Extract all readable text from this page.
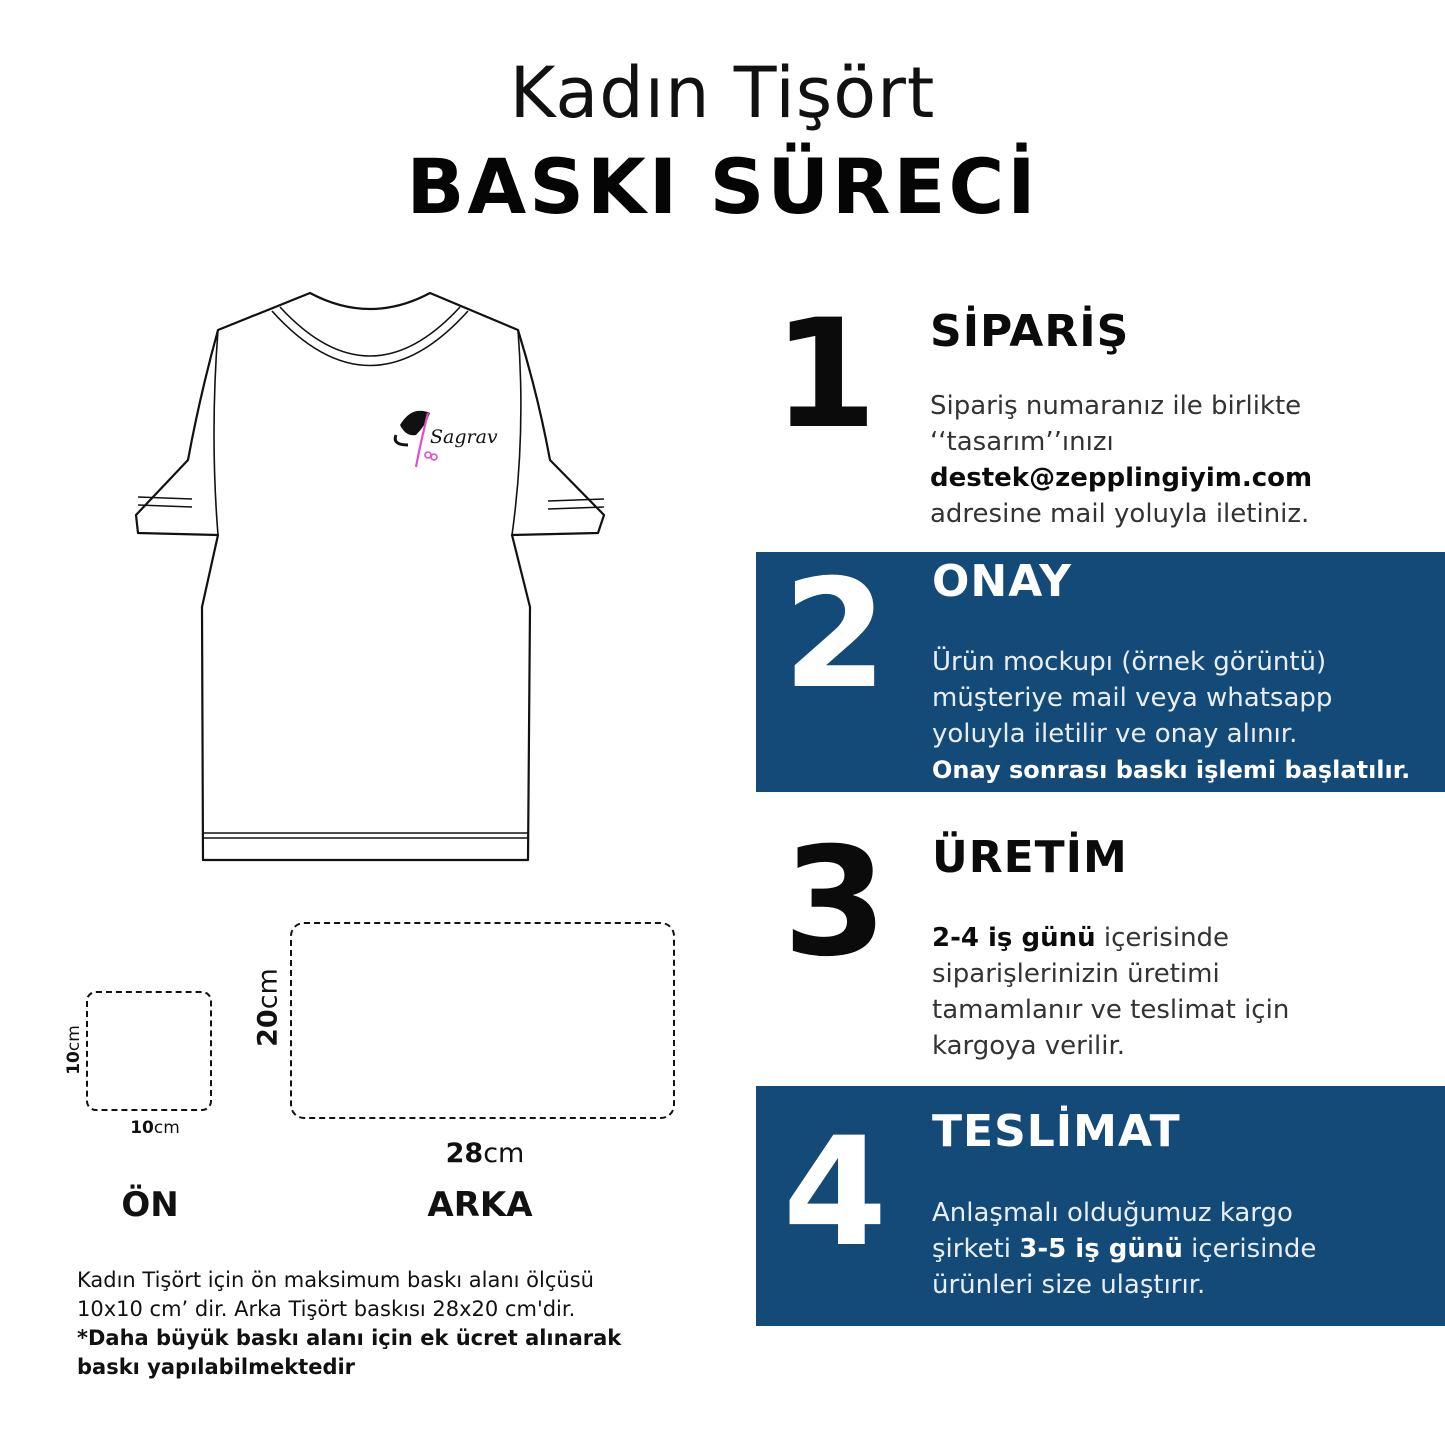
Kadın Tişört
BASKI SÜRECİ
Sagrav
10cm
10cm
ÖN
20cm
28cm
ARKA
Kadın Tişört için ön maksimum baskı alanı ölçüsü
10x10 cm’ dir. Arka Tişört baskısı 28x20 cm'dir.
*Daha büyük baskı alanı için ek ücret alınarak
baskı yapılabilmektedir
1 SİPARİŞ
Sipariş numaranız ile birlikte
‘‘tasarım’’ınızı
destek@zepplingiyim.com
adresine mail yoluyla iletiniz.
2 ONAY
Ürün mockupı (örnek görüntü)
müşteriye mail veya whatsapp
yoluyla iletilir ve onay alınır.
Onay sonrası baskı işlemi başlatılır.
3 ÜRETİM
2-4 iş günü içerisinde
siparişlerinizin üretimi
tamamlanır ve teslimat için
kargoya verilir.
4 TESLİMAT
Anlaşmalı olduğumuz kargo
şirketi 3-5 iş günü içerisinde
ürünleri size ulaştırır.
